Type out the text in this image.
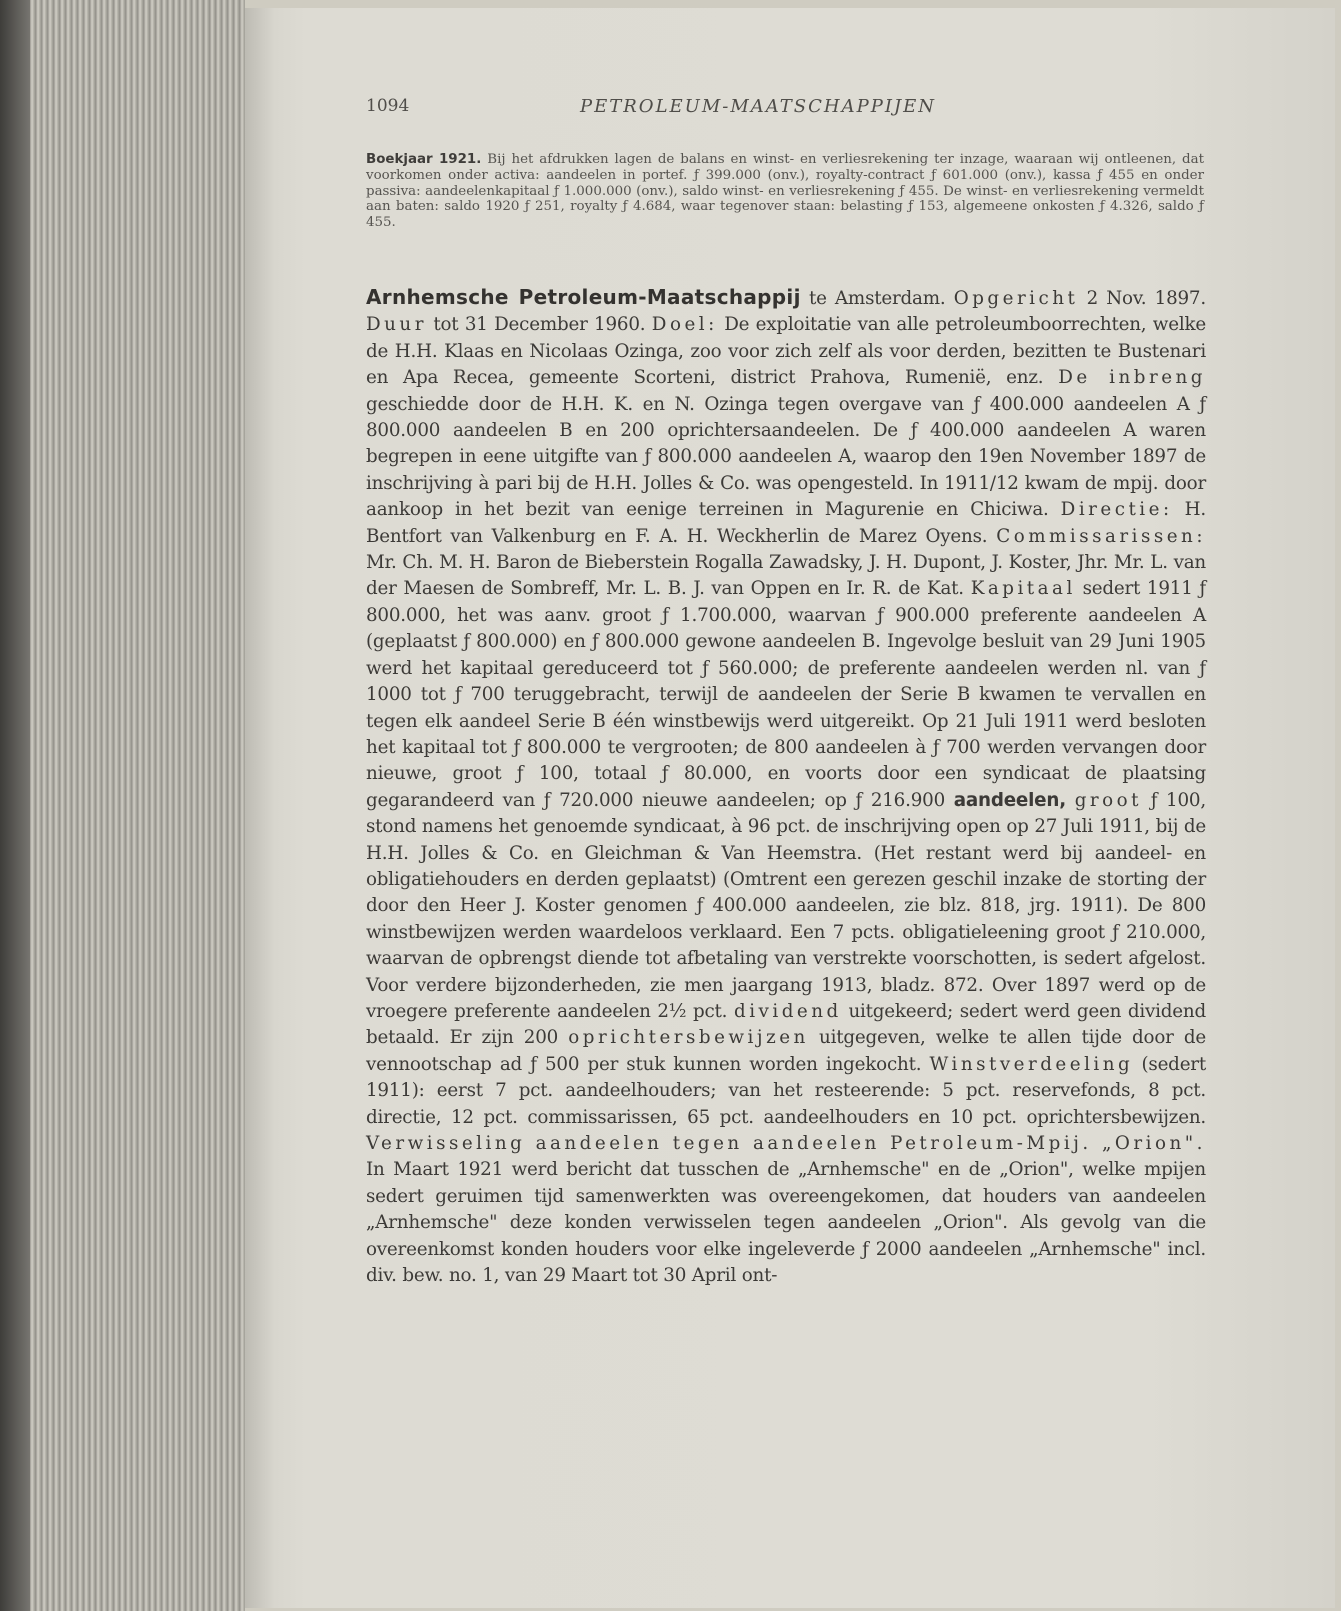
1094	PETROLEUM-MAATSCHAPPIJEN
Boekjaar 1921. Bij het afdrukken lagen de balans en winst- en verliesrekening ter inzage, waaraan wij ontleenen, dat voorkomen onder activa: aandeelen in portef. ƒ 399.000 (onv.), royalty-contract ƒ 601.000 (onv.), kassa ƒ 455 en onder passiva: aandeelenkapitaal ƒ 1.000.000 (onv.), saldo winst- en verliesrekening ƒ 455. De winst- en verliesrekening vermeldt aan baten: saldo 1920 ƒ 251, royalty ƒ 4.684, waar tegenover staan: belasting ƒ 153, algemeene onkosten ƒ 4.326, saldo ƒ 455.
Arnhemsche Petroleum-Maatschappij te Amsterdam. Opgericht 2 Nov. 1897. Duur tot 31 December 1960. Doel: De exploitatie van alle petroleumboorrechten, welke de H.H. Klaas en Nicolaas Ozinga, zoo voor zich zelf als voor derden, bezitten te Bustenari en Apa Recea, gemeente Scorteni, district Prahova, Rumenië, enz. De inbreng geschiedde door de H.H. K. en N. Ozinga tegen overgave van ƒ 400.000 aandeelen A ƒ 800.000 aandeelen B en 200 oprichtersaandeelen. De ƒ 400.000 aandeelen A waren begrepen in eene uitgifte van ƒ 800.000 aandeelen A, waarop den 19en November 1897 de inschrijving à pari bij de H.H. Jolles & Co. was opengesteld. In 1911/12 kwam de mpij. door aankoop in het bezit van eenige terreinen in Magurenie en Chiciwa. Directie: H. Bentfort van Valkenburg en F. A. H. Weckherlin de Marez Oyens. Commissarissen: Mr. Ch. M. H. Baron de Bieberstein Rogalla Zawadsky, J. H. Dupont, J. Koster, Jhr. Mr. L. van der Maesen de Sombreff, Mr. L. B. J. van Oppen en Ir. R. de Kat. Kapitaal sedert 1911 ƒ 800.000, het was aanv. groot ƒ 1.700.000, waarvan ƒ 900.000 preferente aandeelen A (geplaatst ƒ 800.000) en ƒ 800.000 gewone aandeelen B. Ingevolge besluit van 29 Juni 1905 werd het kapitaal gereduceerd tot ƒ 560.000; de preferente aandeelen werden nl. van ƒ 1000 tot ƒ 700 teruggebracht, terwijl de aandeelen der Serie B kwamen te vervallen en tegen elk aandeel Serie B één winstbewijs werd uitgereikt. Op 21 Juli 1911 werd besloten het kapitaal tot ƒ 800.000 te vergrooten; de 800 aandeelen à ƒ 700 werden vervangen door nieuwe, groot ƒ 100, totaal ƒ 80.000, en voorts door een syndicaat de plaatsing gegarandeerd van ƒ 720.000 nieuwe aandeelen; op ƒ 216.900 aandeelen, groot ƒ 100, stond namens het genoemde syndicaat, à 96 pct. de inschrijving open op 27 Juli 1911, bij de H.H. Jolles & Co. en Gleichman & Van Heemstra. (Het restant werd bij aandeel- en obligatiehouders en derden geplaatst) (Omtrent een gerezen geschil inzake de storting der door den Heer J. Koster genomen ƒ 400.000 aandeelen, zie blz. 818, jrg. 1911). De 800 winstbewijzen werden waardeloos verklaard. Een 7 pcts. obligatieleening groot ƒ 210.000, waarvan de opbrengst diende tot afbetaling van verstrekte voorschotten, is sedert afgelost. Voor verdere bijzonderheden, zie men jaargang 1913, bladz. 872. Over 1897 werd op de vroegere preferente aandeelen 2½ pct. dividend uitgekeerd; sedert werd geen dividend betaald. Er zijn 200 oprichtersbewijzen uitgegeven, welke te allen tijde door de vennootschap ad ƒ 500 per stuk kunnen worden ingekocht. Winstverdeeling (sedert 1911): eerst 7 pct. aandeelhouders; van het resteerende: 5 pct. reservefonds, 8 pct. directie, 12 pct. commissarissen, 65 pct. aandeelhouders en 10 pct. oprichtersbewijzen. Verwisseling aandeelen tegen aandeelen Petroleum-Mpij. „Orion". In Maart 1921 werd bericht dat tusschen de „Arnhemsche" en de „Orion", welke mpijen sedert geruimen tijd samenwerkten was overeengekomen, dat houders van aandeelen „Arnhemsche" deze konden verwisselen tegen aandeelen „Orion". Als gevolg van die overeenkomst konden houders voor elke ingeleverde ƒ 2000 aandeelen „Arnhemsche" incl. div. bew. no. 1, van 29 Maart tot 30 April ont-
